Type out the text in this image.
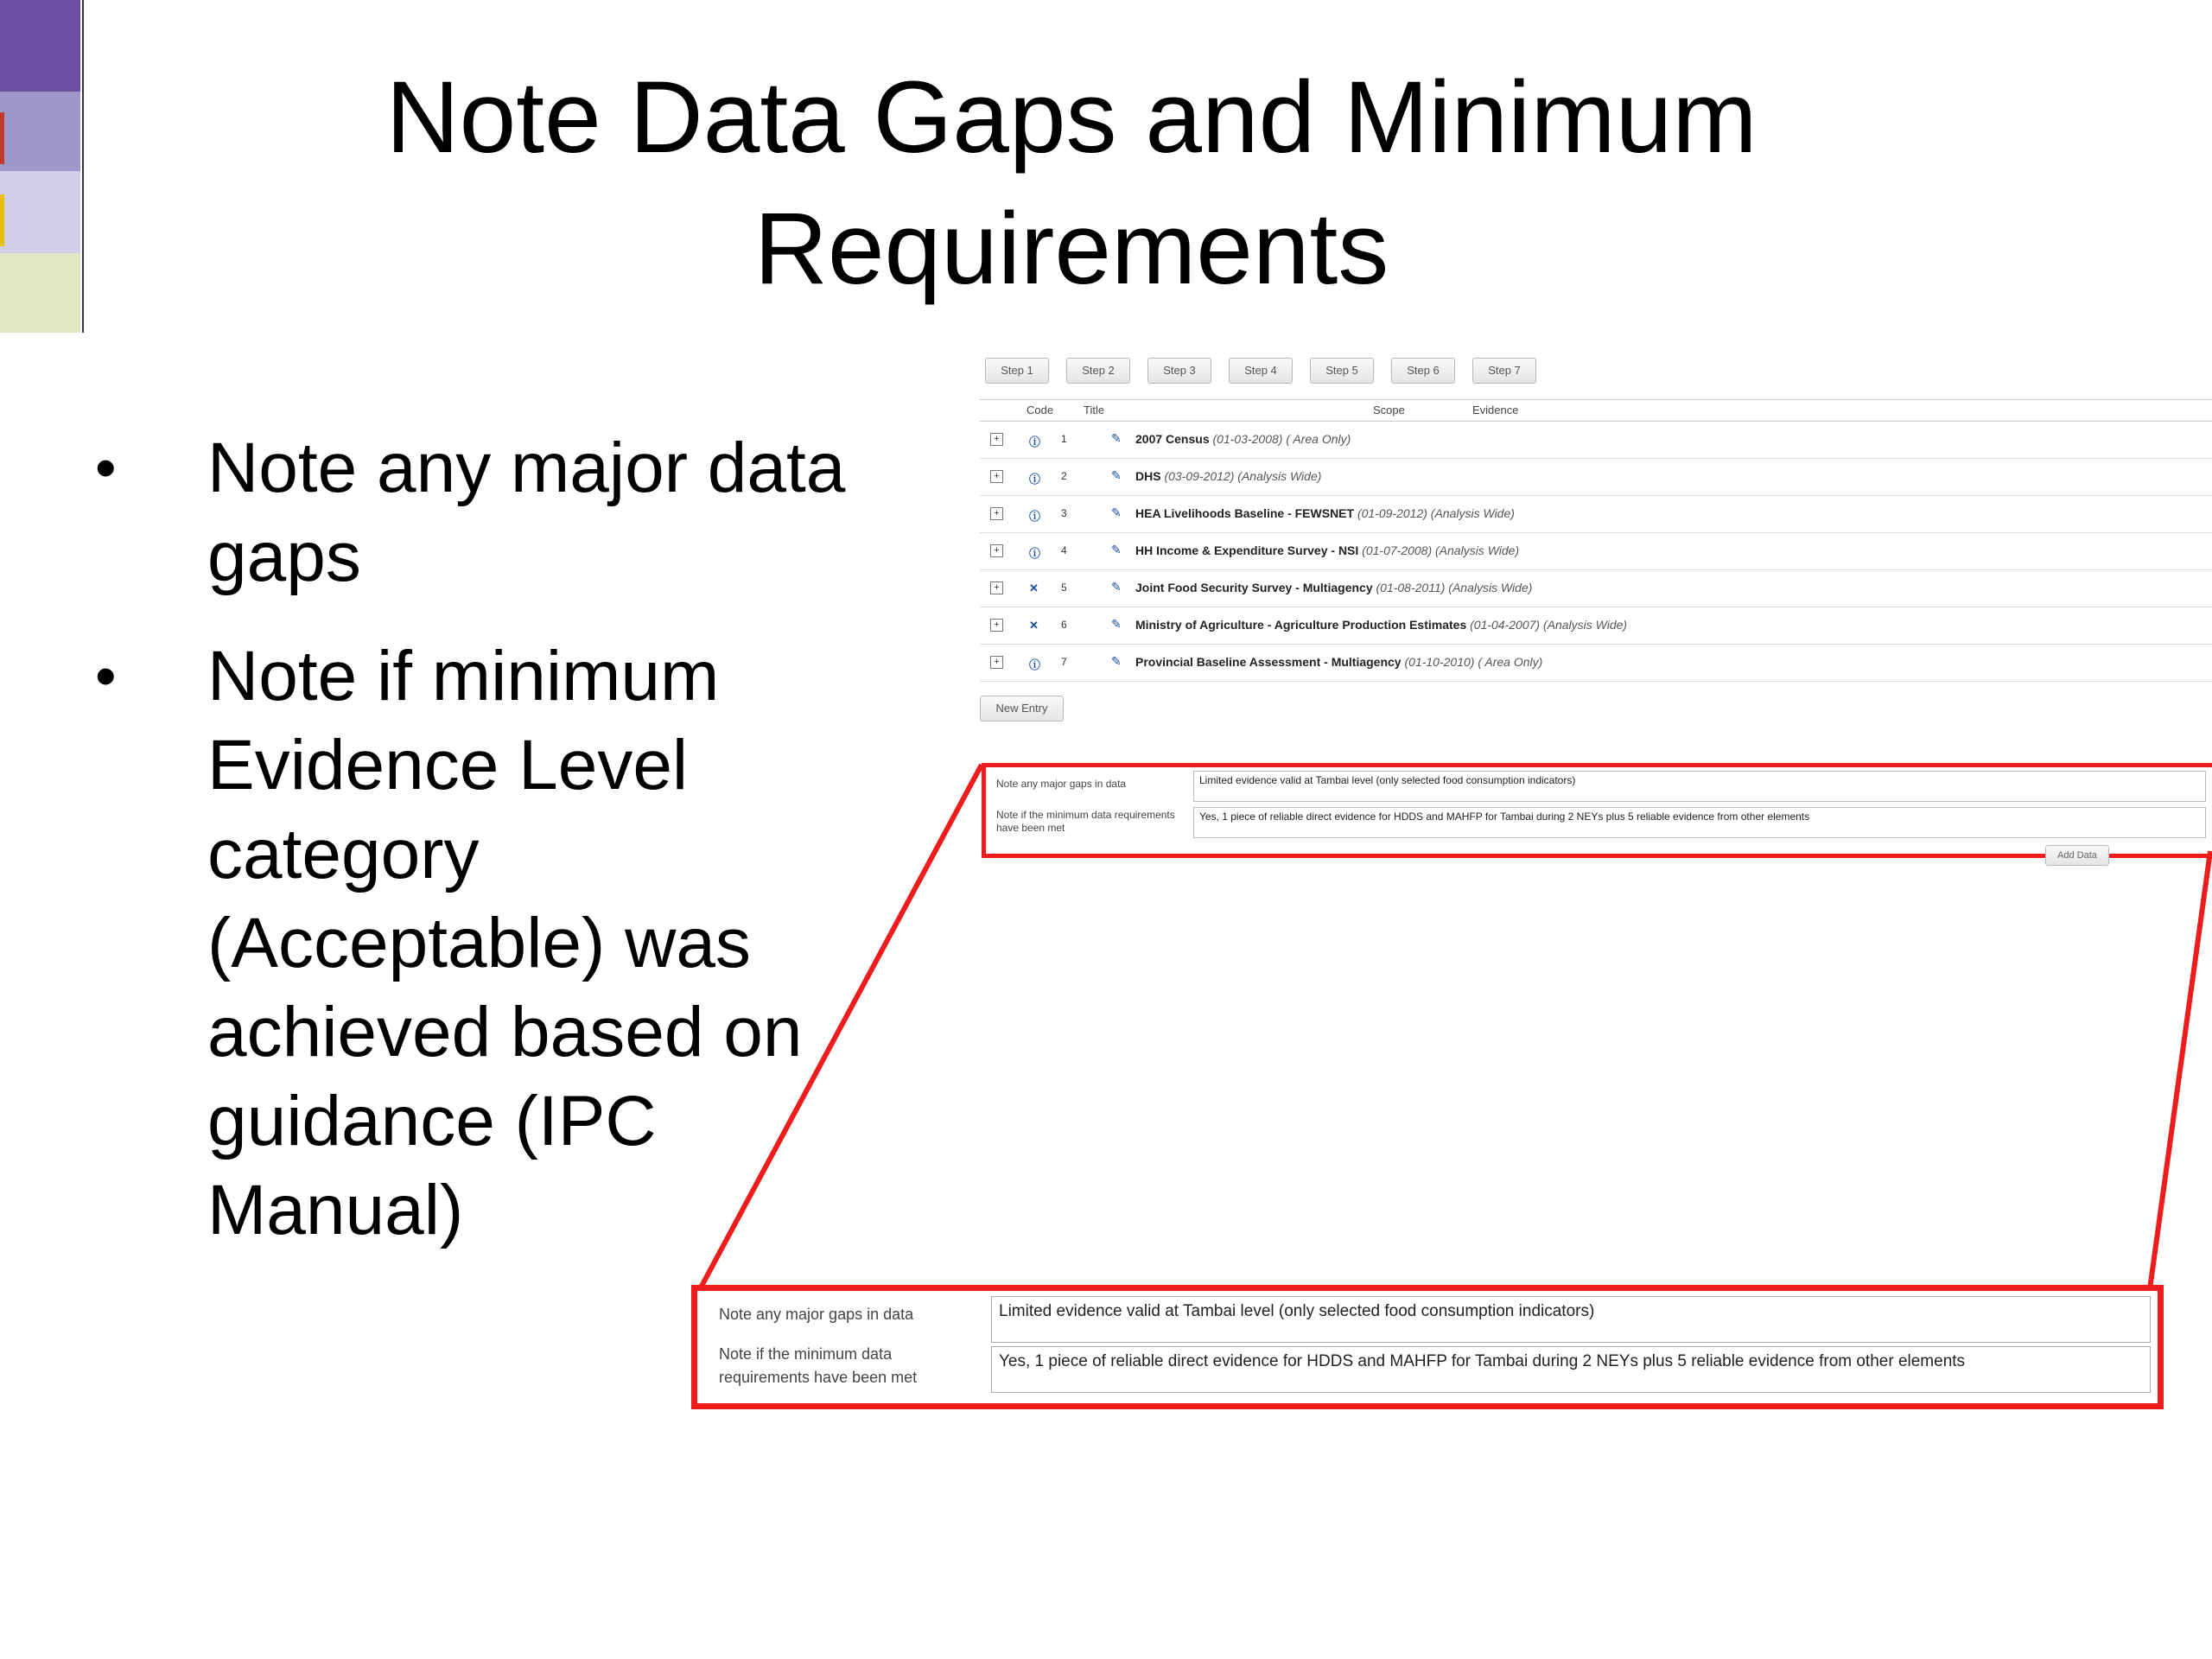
Note Data Gaps and Minimum Requirements
• Note any major data gaps
• Note if minimum Evidence Level category (Acceptable) was achieved based on guidance (IPC Manual)
Step 1	Step 2	Step 3	Step 4	Step 5	Step 6	Step 7
Code	Title	Scope	Evidence
+	ⓘ 1	✎ 2007 Census (01-03-2008) ( Area Only)
+	ⓘ 2	✎ DHS (03-09-2012) (Analysis Wide)
+	ⓘ 3	✎ HEA Livelihoods Baseline - FEWSNET (01-09-2012) (Analysis Wide)
+	ⓘ 4	✎ HH Income & Expenditure Survey - NSI (01-07-2008) (Analysis Wide)
+	✕ 5	✎ Joint Food Security Survey - Multiagency (01-08-2011) (Analysis Wide)
+	✕ 6	✎ Ministry of Agriculture - Agriculture Production Estimates (01-04-2007) (Analysis Wide)
+	ⓘ 7	✎ Provincial Baseline Assessment - Multiagency (01-10-2010) ( Area Only)
New Entry
Note any major gaps in data	Limited evidence valid at Tambai level (only selected food consumption indicators)
Note if the minimum data requirements have been met
Yes, 1 piece of reliable direct evidence for HDDS and MAHFP for Tambai during 2 NEYs plus 5 reliable evidence from other elements
Add Data
Note any major gaps in data	Limited evidence valid at Tambai level (only selected food consumption indicators)
Note if the minimum data requirements have been met
Yes, 1 piece of reliable direct evidence for HDDS and MAHFP for Tambai during 2 NEYs plus 5 reliable evidence from other elements
